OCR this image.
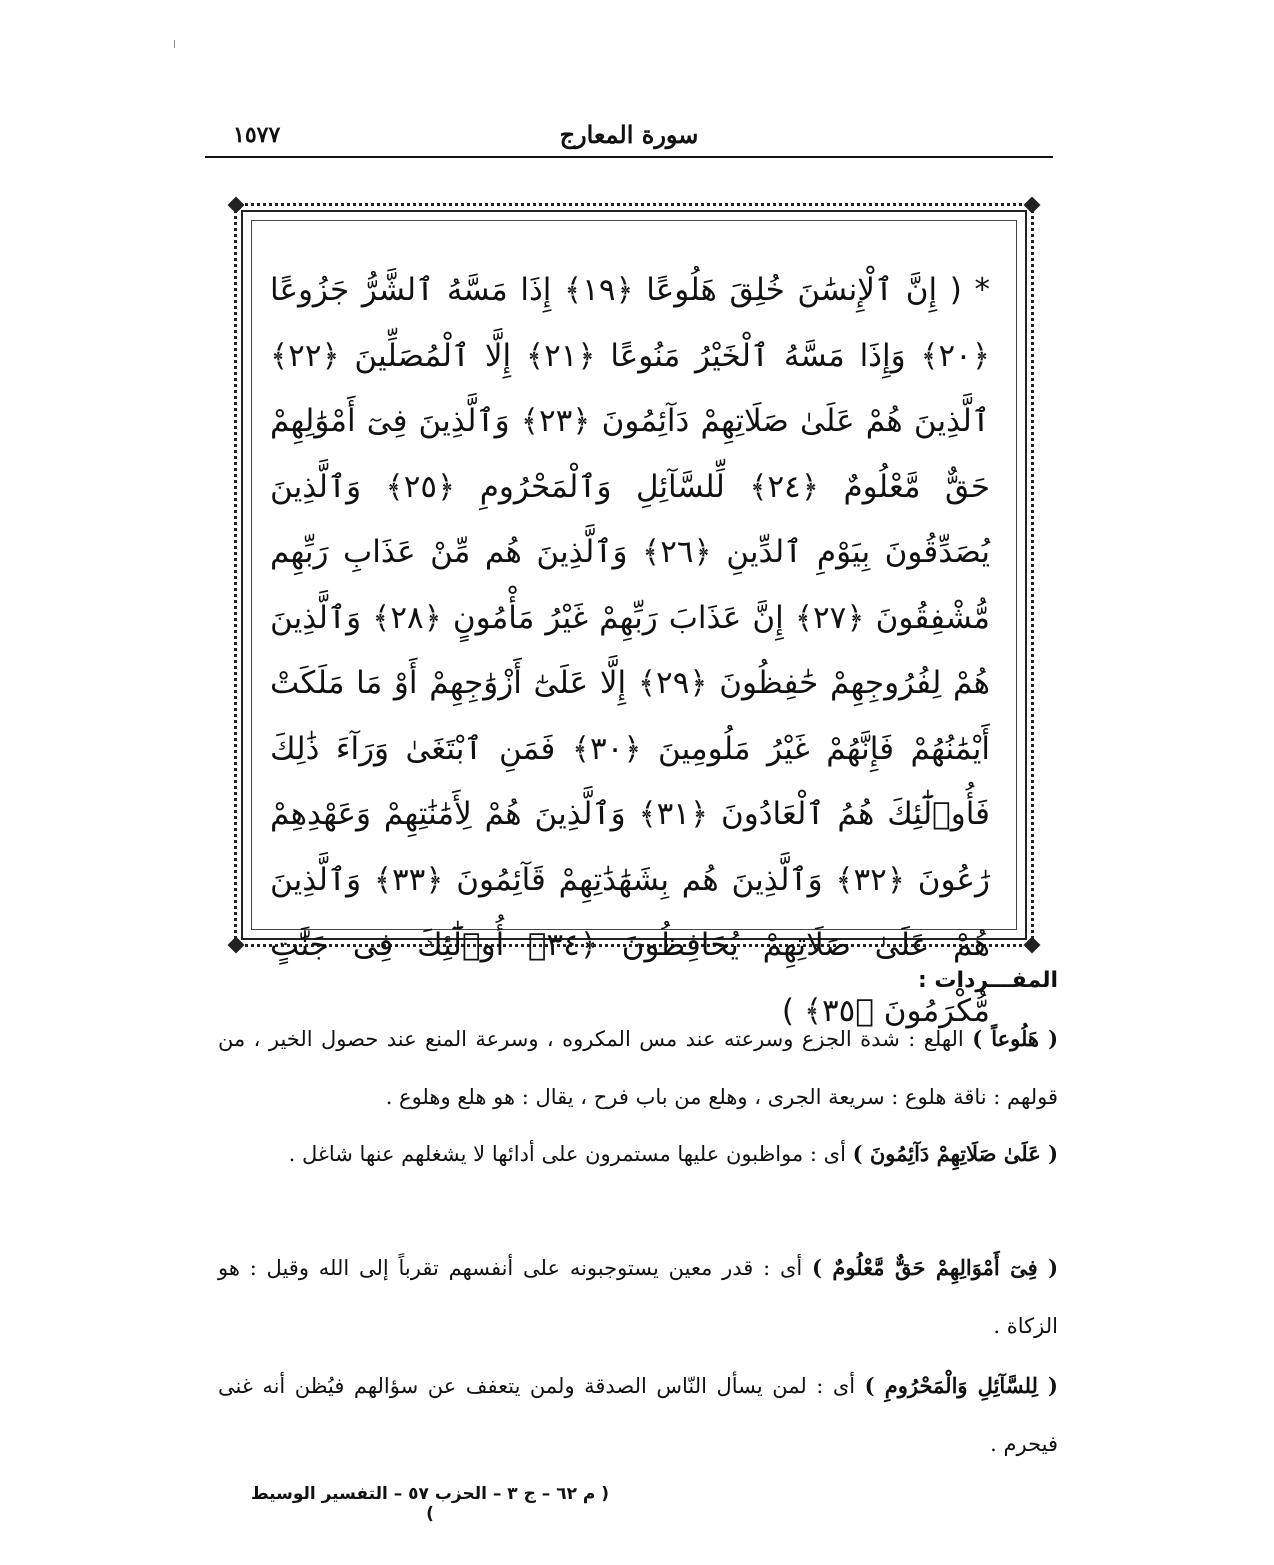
سورة المعارج
١٥٧٧
* ( إِنَّ ٱلْإِنسَٰنَ خُلِقَ هَلُوعًا ﴿١٩﴾ إِذَا مَسَّهُ ٱلشَّرُّ جَزُوعًا ﴿٢٠﴾ وَإِذَا مَسَّهُ ٱلْخَيْرُ مَنُوعًا ﴿٢١﴾ إِلَّا ٱلْمُصَلِّينَ ﴿٢٢﴾ ٱلَّذِينَ هُمْ عَلَىٰ صَلَاتِهِمْ دَآئِمُونَ ﴿٢٣﴾ وَٱلَّذِينَ فِىٓ أَمْوَٰلِهِمْ حَقٌّ مَّعْلُومٌ ﴿٢٤﴾ لِّلسَّآئِلِ وَٱلْمَحْرُومِ ﴿٢٥﴾ وَٱلَّذِينَ يُصَدِّقُونَ بِيَوْمِ ٱلدِّينِ ﴿٢٦﴾ وَٱلَّذِينَ هُم مِّنْ عَذَابِ رَبِّهِم مُّشْفِقُونَ ﴿٢٧﴾ إِنَّ عَذَابَ رَبِّهِمْ غَيْرُ مَأْمُونٍ ﴿٢٨﴾ وَٱلَّذِينَ هُمْ لِفُرُوجِهِمْ حَٰفِظُونَ ﴿٢٩﴾ إِلَّا عَلَىٰٓ أَزْوَٰجِهِمْ أَوْ مَا مَلَكَتْ أَيْمَٰنُهُمْ فَإِنَّهُمْ غَيْرُ مَلُومِينَ ﴿٣٠﴾ فَمَنِ ٱبْتَغَىٰ وَرَآءَ ذَٰلِكَ فَأُو۟لَٰٓئِكَ هُمُ ٱلْعَادُونَ ﴿٣١﴾ وَٱلَّذِينَ هُمْ لِأَمَٰنَٰتِهِمْ وَعَهْدِهِمْ رَٰعُونَ ﴿٣٢﴾ وَٱلَّذِينَ هُم بِشَهَٰدَٰتِهِمْ قَآئِمُونَ ﴿٣٣﴾ وَٱلَّذِينَ هُمْ عَلَىٰ صَلَاتِهِمْ يُحَافِظُونَ ﴿٣٤﴾ أُو۟لَٰٓئِكَ فِى جَنَّٰتٍ مُّكْرَمُونَ ﴿٣٥﴾ )
المفـــردات :
( هَلُوعاً ) الهلع : شدة الجزع وسرعته عند مس المكروه ، وسرعة المنع عند حصول الخير ، من قولهم : ناقة هلوع : سريعة الجرى ، وهلع من باب فرح ، يقال : هو هلع وهلوع .
( عَلَىٰ صَلَاتِهِمْ دَآئِمُونَ ) أى : مواظبون عليها مستمرون على أدائها لا يشغلهم عنها شاغل .
( فِىٓ أَمْوَالِهِمْ حَقٌّ مَّعْلُومٌ ) أى : قدر معين يستوجبونه على أنفسهم تقرباً إلى الله وقيل : هو الزكاة .
( لِلسَّآئِلِ وَالْمَحْرُومِ ) أى : لمن يسأل النّاس الصدقة ولمن يتعفف عن سؤالهم فيُظن أنه غنى فيحرم .
( م ٦٢ – ج ٣ – الحزب ٥٧ – التفسير الوسيط )
